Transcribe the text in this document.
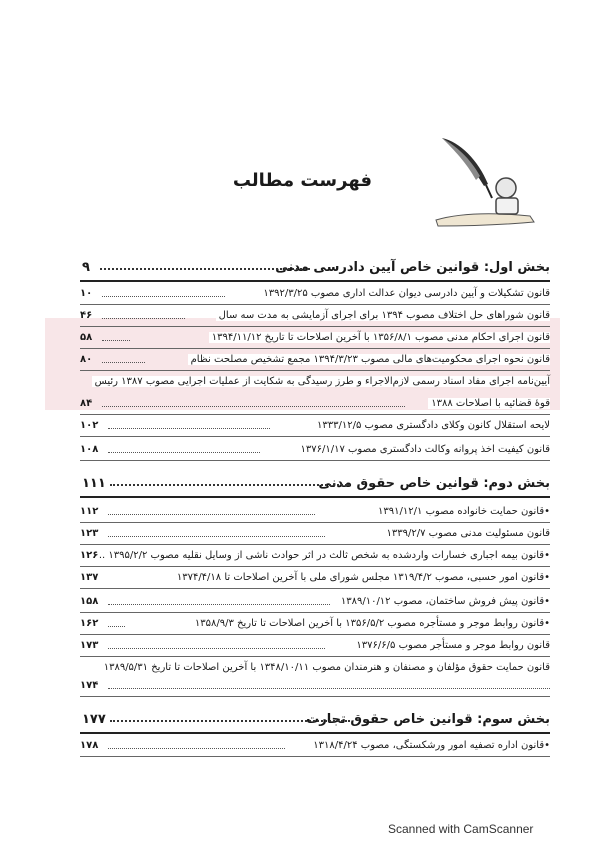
فهرست مطالب
بخش اول: قوانین خاص آیین دادرسی مدنی
۹
قانون تشکیلات و آیین دادرسی دیوان عدالت اداری مصوب ۱۳۹۲/۳/۲۵
۱۰
قانون شوراهای حل اختلاف مصوب ۱۳۹۴ برای اجرای آزمایشی به مدت سه سال
۴۶
قانون اجرای احکام مدنی مصوب ۱۳۵۶/۸/۱ با آخرین اصلاحات تا تاریخ ۱۳۹۴/۱۱/۱۲
۵۸
قانون نحوه اجرای محکومیت‌های مالی مصوب ۱۳۹۴/۳/۲۳ مجمع تشخیص مصلحت نظام
۸۰
آیین‌نامه اجرای مفاد اسناد رسمی لازم‌الاجراء و طرز رسیدگی به شکایت از عملیات اجرایی مصوب ۱۳۸۷ رئیس
قوهٔ قضائیه با اصلاحات ۱۳۸۸
۸۴
لایحه استقلال کانون وکلای دادگستری مصوب ۱۳۳۳/۱۲/۵
۱۰۲
قانون کیفیت اخذ پروانه وکالت دادگستری مصوب ۱۳۷۶/۱/۱۷
۱۰۸
بخش دوم: قوانین خاص حقوق مدنی
۱۱۱
•قانون حمایت خانواده مصوب ۱۳۹۱/۱۲/۱
۱۱۲
قانون مسئولیت مدنی مصوب ۱۳۳۹/۲/۷
۱۲۳
•قانون بیمه اجباری خسارات واردشده به شخص ثالث در اثر حوادث ناشی از وسایل نقلیه مصوب ۱۳۹۵/۲/۲ ..
۱۲۶
•قانون امور حسبی، مصوب ۱۳۱۹/۴/۲ مجلس شورای ملی با آخرین اصلاحات تا ۱۳۷۴/۴/۱۸
۱۳۷
•قانون پیش فروش ساختمان، مصوب ۱۳۸۹/۱۰/۱۲
۱۵۸
•قانون روابط موجر و مستأجره مصوب ۱۳۵۶/۵/۲ با آخرین اصلاحات تا تاریخ ۱۳۵۸/۹/۳
۱۶۲
قانون روابط موجر و مستأجر مصوب ۱۳۷۶/۶/۵
۱۷۳
قانون حمایت حقوق مؤلفان و مصنفان و هنرمندان مصوب ۱۳۴۸/۱۰/۱۱ با آخرین اصلاحات تا تاریخ ۱۳۸۹/۵/۳۱
۱۷۴
بخش سوم: قوانین خاص حقوق تجارت
۱۷۷
•قانون اداره تصفیه امور ورشکستگی، مصوب ۱۳۱۸/۴/۲۴
۱۷۸
Scanned with CamScanner
